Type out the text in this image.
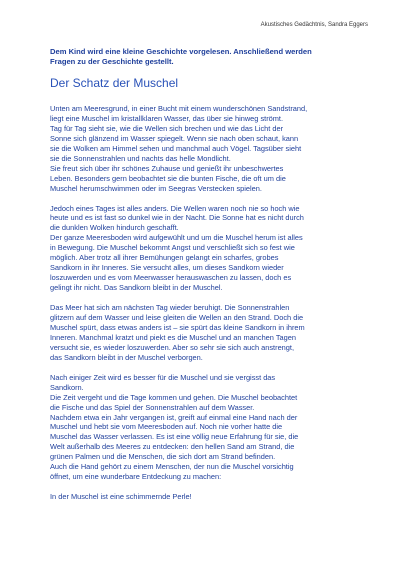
Akustisches Gedächtnis, Sandra Eggers

Dem Kind wird eine kleine Geschichte vorgelesen. Anschließend werden
Fragen zu der Geschichte gestellt.

Der Schatz der Muschel

Unten am Meeresgrund, in einer Bucht mit einem wunderschönen Sandstrand,
liegt eine Muschel im kristallklaren Wasser, das über sie hinweg strömt.
Tag für Tag sieht sie, wie die Wellen sich brechen und wie das Licht der
Sonne sich glänzend im Wasser spiegelt. Wenn sie nach oben schaut, kann
sie die Wolken am Himmel sehen und manchmal auch Vögel. Tagsüber sieht
sie die Sonnenstrahlen und nachts das helle Mondlicht.
Sie freut sich über ihr schönes Zuhause und genießt ihr unbeschwertes
Leben. Besonders gern beobachtet sie die bunten Fische, die oft um die
Muschel herumschwimmen oder im Seegras Verstecken spielen.

Jedoch eines Tages ist alles anders. Die Wellen waren noch nie so hoch wie
heute und es ist fast so dunkel wie in der Nacht. Die Sonne hat es nicht durch
die dunklen Wolken hindurch geschafft.
Der ganze Meeresboden wird aufgewühlt und um die Muschel herum ist alles
in Bewegung. Die Muschel bekommt Angst und verschließt sich so fest wie
möglich. Aber trotz all ihrer Bemühungen gelangt ein scharfes, grobes
Sandkorn in ihr Inneres. Sie versucht alles, um dieses Sandkorn wieder
loszuwerden und es vom Meerwasser herauswaschen zu lassen, doch es
gelingt ihr nicht. Das Sandkorn bleibt in der Muschel.

Das Meer hat sich am nächsten Tag wieder beruhigt. Die Sonnenstrahlen
glitzern auf dem Wasser und leise gleiten die Wellen an den Strand. Doch die
Muschel spürt, dass etwas anders ist – sie spürt das kleine Sandkorn in ihrem
Inneren. Manchmal kratzt und piekt es die Muschel und an manchen Tagen
versucht sie, es wieder loszuwerden. Aber so sehr sie sich auch anstrengt,
das Sandkorn bleibt in der Muschel verborgen.

Nach einiger Zeit wird es besser für die Muschel und sie vergisst das
Sandkorn.
Die Zeit vergeht und die Tage kommen und gehen. Die Muschel beobachtet
die Fische und das Spiel der Sonnenstrahlen auf dem Wasser.
Nachdem etwa ein Jahr vergangen ist, greift auf einmal eine Hand nach der
Muschel und hebt sie vom Meeresboden auf. Noch nie vorher hatte die
Muschel das Wasser verlassen. Es ist eine völlig neue Erfahrung für sie, die
Welt außerhalb des Meeres zu entdecken: den hellen Sand am Strand, die
grünen Palmen und die Menschen, die sich dort am Strand befinden.
Auch die Hand gehört zu einem Menschen, der nun die Muschel vorsichtig
öffnet, um eine wunderbare Entdeckung zu machen:

In der Muschel ist eine schimmernde Perle!
